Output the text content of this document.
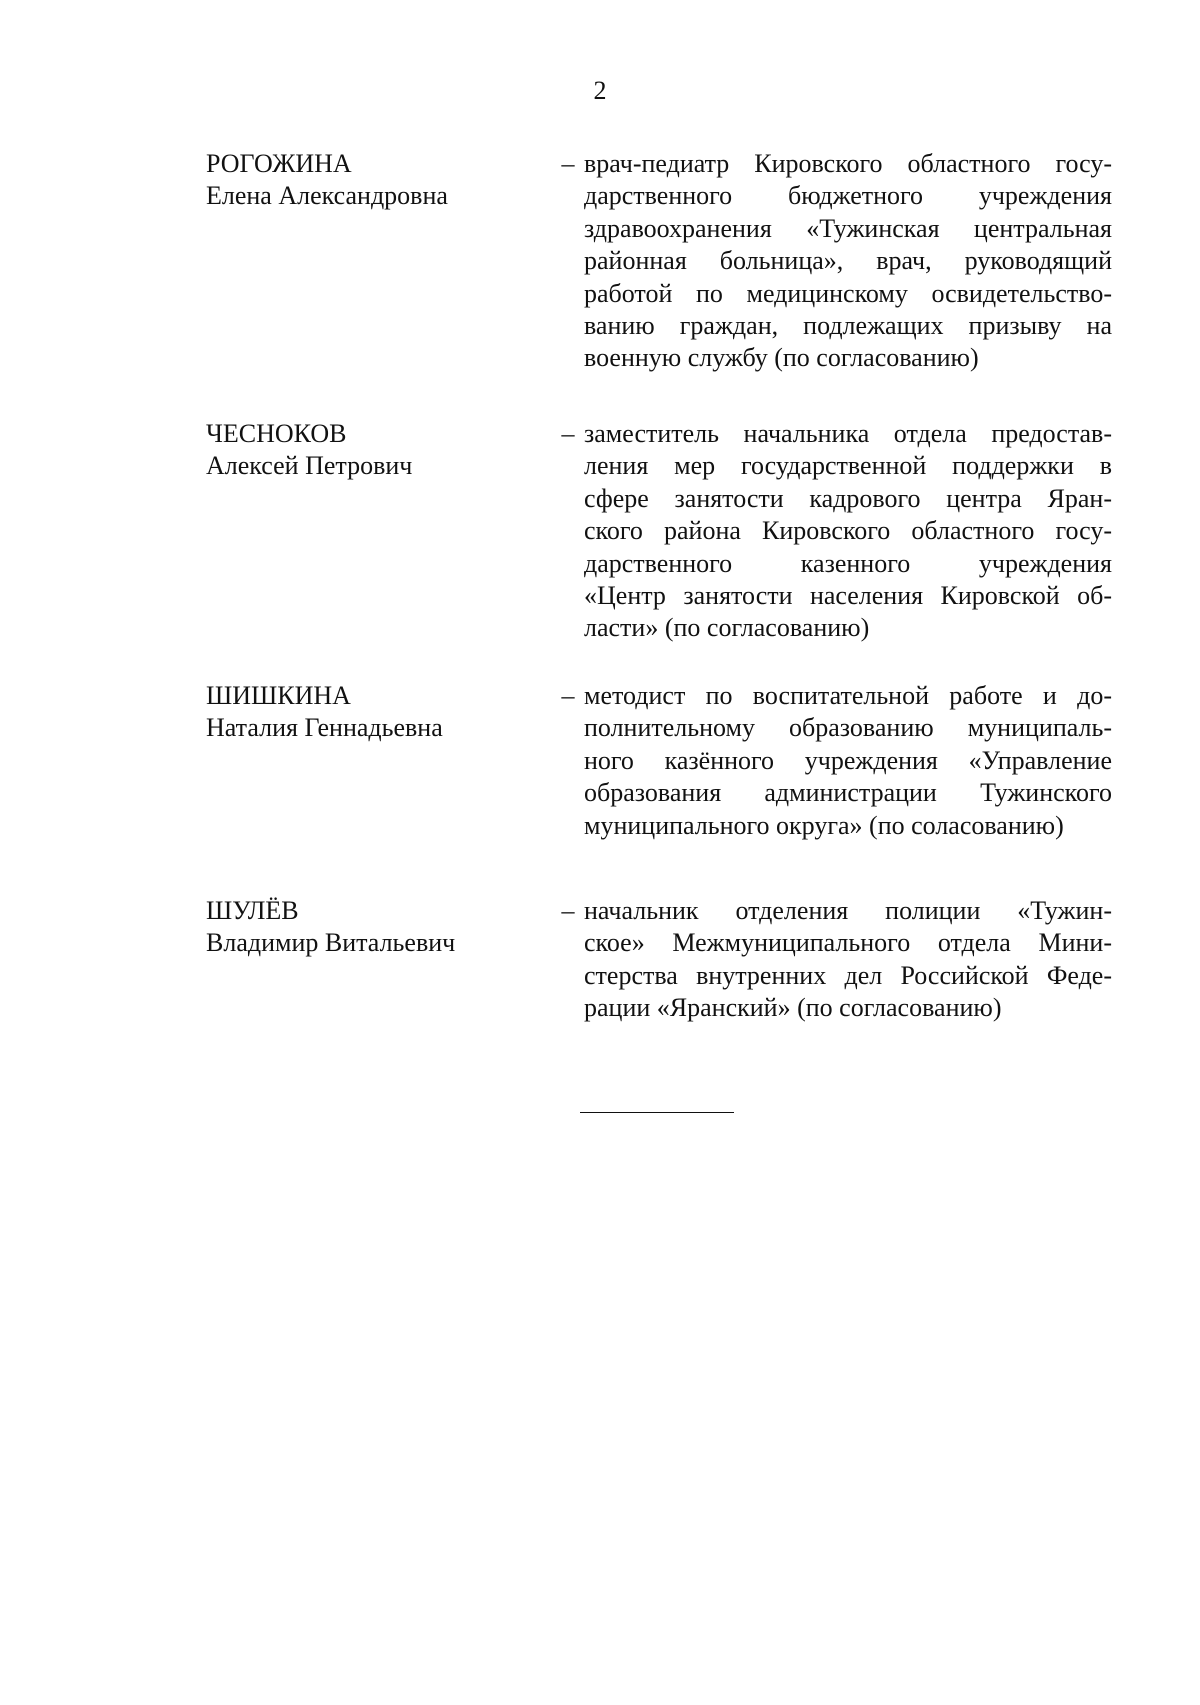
2
РОГОЖИНА
Елена Александровна
– врач-педиатр Кировского областного госу-
дарственного бюджетного учреждения
здравоохранения «Тужинская центральная
районная больница», врач, руководящий
работой по медицинскому освидетельство-
ванию граждан, подлежащих призыву на
военную службу (по согласованию)
ЧЕСНОКОВ
Алексей Петрович
– заместитель начальника отдела предостав-
ления мер государственной поддержки в
сфере занятости кадрового центра Яран-
ского района Кировского областного госу-
дарственного казенного учреждения
«Центр занятости населения Кировской об-
ласти» (по согласованию)
ШИШКИНА
Наталия Геннадьевна
– методист по воспитательной работе и до-
полнительному образованию муниципаль-
ного казённого учреждения «Управление
образования администрации Тужинского
муниципального округа» (по соласованию)
ШУЛЁВ
Владимир Витальевич
– начальник отделения полиции «Тужин-
ское» Межмуниципального отдела Мини-
стерства внутренних дел Российской Феде-
рации «Яранский» (по согласованию)
